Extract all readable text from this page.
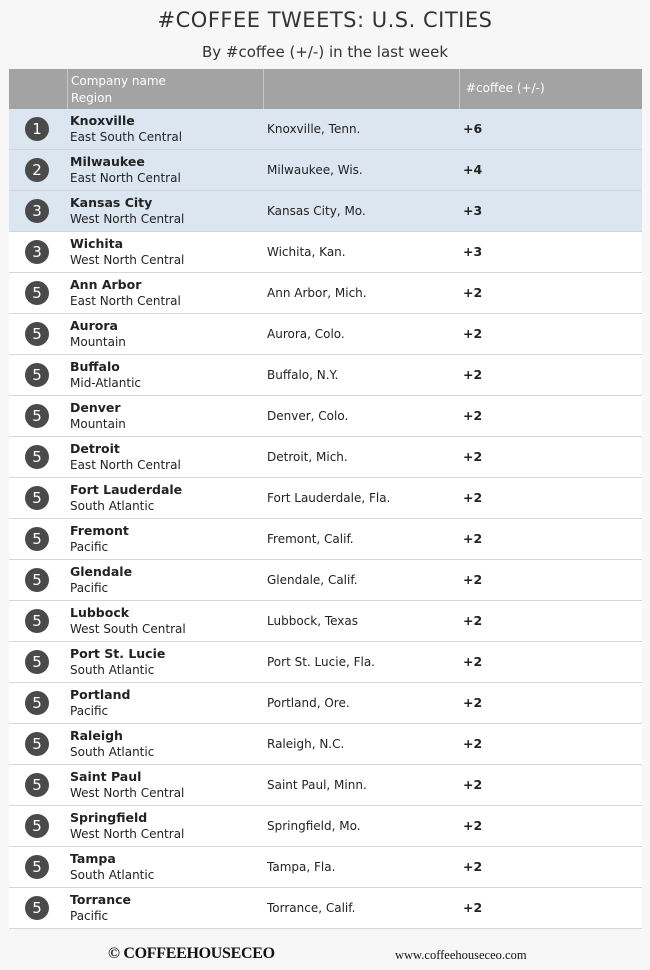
#COFFEE TWEETS: U.S. CITIES
By #coffee (+/-) in the last week
Company name
Region
#coffee (+/-)
1	Knoxville
East South Central
Knoxville, Tenn.	+6
2	Milwaukee
East North Central
Milwaukee, Wis.	+4
3	Kansas City
West North Central
Kansas City, Mo.	+3
3	Wichita
West North Central
Wichita, Kan.	+3
5	Ann Arbor
East North Central
Ann Arbor, Mich.	+2
5	Aurora
Mountain
Aurora, Colo.	+2
5	Buffalo
Mid-Atlantic
Buffalo, N.Y.	+2
5	Denver
Mountain
Denver, Colo.	+2
5	Detroit
East North Central
Detroit, Mich.	+2
5	Fort Lauderdale
South Atlantic
Fort Lauderdale, Fla.	+2
5	Fremont
Pacific
Fremont, Calif.	+2
5	Glendale
Pacific
Glendale, Calif.	+2
5	Lubbock
West South Central
Lubbock, Texas	+2
5	Port St. Lucie
South Atlantic
Port St. Lucie, Fla.	+2
5	Portland
Pacific
Portland, Ore.	+2
5	Raleigh
South Atlantic
Raleigh, N.C.	+2
5	Saint Paul
West North Central
Saint Paul, Minn.	+2
5	Springfield
West North Central
Springfield, Mo.	+2
5	Tampa
South Atlantic
Tampa, Fla.	+2
5	Torrance
Pacific
Torrance, Calif.	+2
© COFFEEHOUSECEO	www.coffeehouseceo.com
